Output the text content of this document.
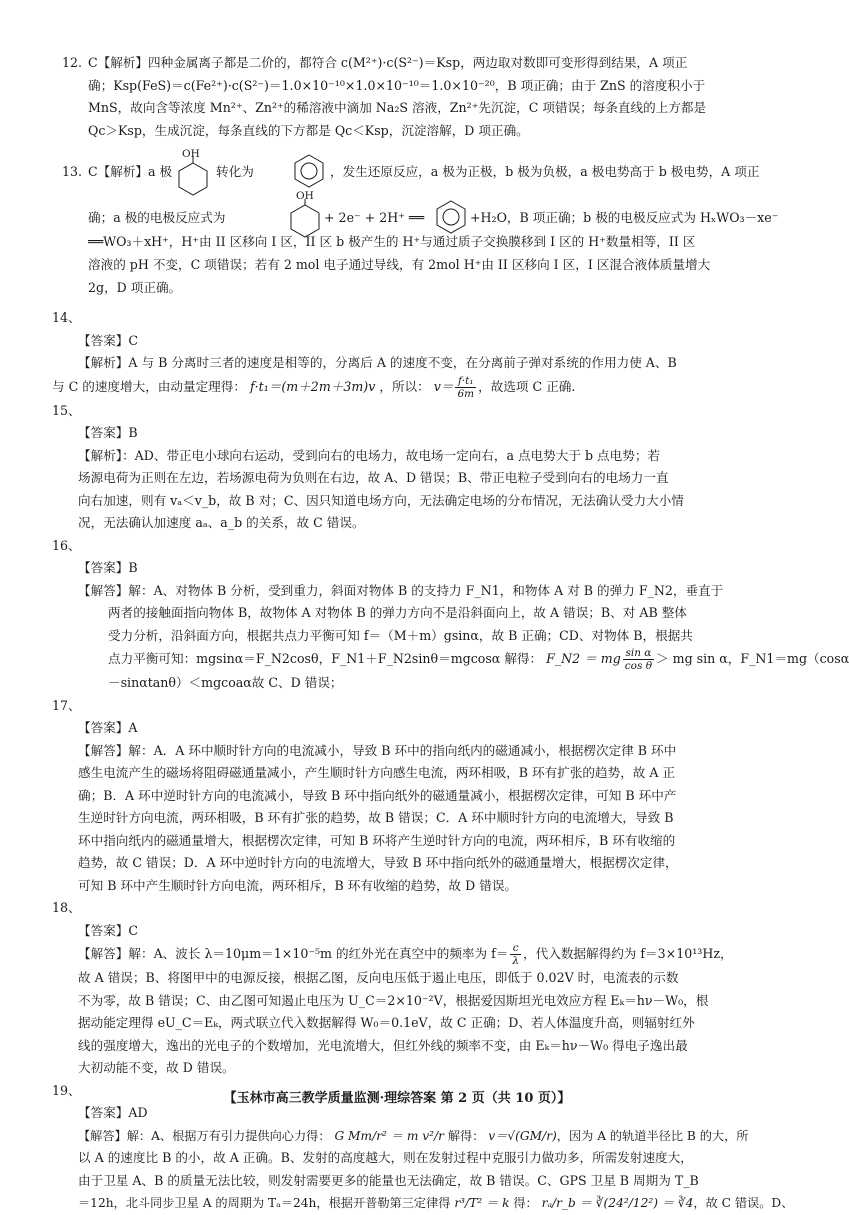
12. C【解析】四种金属离子都是二价的，都符合 c(M²⁺)·c(S²⁻)＝Ksp，两边取对数即可变形得到结果，A 项正
确；Ksp(FeS)＝c(Fe²⁺)·c(S²⁻)＝1.0×10⁻¹⁰×1.0×10⁻¹⁰＝1.0×10⁻²⁰，B 项正确；由于 ZnS 的溶度积小于
MnS，故向含等浓度 Mn²⁺、Zn²⁺的稀溶液中滴加 Na₂S 溶液，Zn²⁺先沉淀，C 项错误；每条直线的上方都是
Qc＞Ksp，生成沉淀，每条直线的下方都是 Qc＜Ksp，沉淀溶解，D 项正确。
OH
OH
13. C【解析】a 极	转化为	，发生还原反应，a 极为正极，b 极为负极，a 极电势高于 b 极电势，A 项正
确；a 极的电极反应式为	+ 2e⁻ + 2H⁺ ══	+H₂O，B 项正确；b 极的电极反应式为 HₓWO₃－xe⁻
══WO₃＋xH⁺，H⁺由 II 区移向 I 区，II 区 b 极产生的 H⁺与通过质子交换膜移到 I 区的 H⁺数量相等，II 区
溶液的 pH 不变，C 项错误；若有 2 mol 电子通过导线，有 2mol H⁺由 II 区移向 I 区，I 区混合液体质量增大
2g，D 项正确。
14、
【答案】C
【解析】A 与 B 分离时三者的速度是相等的，分离后 A 的速度不变，在分离前子弹对系统的作用力使 A、B
与 C 的速度增大，由动量定理得： f·t₁＝(m＋2m＋3m)v ，所以： $v= \frac{\text{f·t₁}}{6m}$ ，故选项 C 正确.
15、
【答案】B
【解析】：AD、带正电小球向右运动，受到向右的电场力，故电场一定向右，a 点电势大于 b 点电势；若
场源电荷为正则在左边，若场源电荷为负则在右边，故 A、D 错误；B、带正电粒子受到向右的电场力一直
向右加速，则有 vₐ＜v_b，故 B 对；C、因只知道电场方向，无法确定电场的分布情况，无法确认受力大小情
况，无法确认加速度 aₐ、a_b 的关系，故 C 错误。
16、
【答案】B
【解答】解：A、对物体 B 分析，受到重力，斜面对物体 B 的支持力 F_N1，和物体 A 对 B 的弹力 F_N2，垂直于
两者的接触面指向物体 B，故物体 A 对物体 B 的弹力方向不是沿斜面向上，故 A 错误；B、对 AB 整体
受力分析，沿斜面方向，根据共点力平衡可知 f＝（M＋m）gsinα，故 B 正确；CD、对物体 B，根据共
点力平衡可知：mgsinα＝F_N2cosθ，F_N1＋F_N2sinθ＝mgcosα 解得： F_N2 ＝ mg $\frac{\text{sin α}}{\text{cos θ}}$ ＞ mg sin α，F_N1＝mg（cosα
－sinαtanθ）＜mgcoaα故 C、D 错误；
17、
【答案】A
【解答】解：A．A 环中顺时针方向的电流减小，导致 B 环中的指向纸内的磁通减小，根据楞次定律 B 环中
感生电流产生的磁场将阻碍磁通量减小，产生顺时针方向感生电流，两环相吸，B 环有扩张的趋势，故 A 正
确；B．A 环中逆时针方向的电流减小，导致 B 环中指向纸外的磁通量减小，根据楞次定律，可知 B 环中产
生逆时针方向电流，两环相吸，B 环有扩张的趋势，故 B 错误；C．A 环中顺时针方向的电流增大，导致 B
环中指向纸内的磁通量增大，根据楞次定律，可知 B 环将产生逆时针方向的电流，两环相斥，B 环有收缩的
趋势，故 C 错误；D．A 环中逆时针方向的电流增大，导致 B 环中指向纸外的磁通量增大，根据楞次定律，
可知 B 环中产生顺时针方向电流，两环相斥，B 环有收缩的趋势，故 D 错误。
18、
【答案】C
【解答】解：A、波长 λ＝10μm＝1×10⁻⁵m 的红外光在真空中的频率为 $f= \frac{c}{\lambda}$ ，代入数据解得约为 f＝3×10¹³Hz，
故 A 错误；B、将图甲中的电源反接，根据乙图，反向电压低于遏止电压，即低于 0.02V 时，电流表的示数
不为零，故 B 错误；C、由乙图可知遏止电压为 U_C＝2×10⁻²V，根据爱因斯坦光电效应方程 Eₖ＝hν－W₀，根
据动能定理得 eU_C＝Eₖ，两式联立代入数据解得 W₀＝0.1eV，故 C 正确；D、若人体温度升高，则辐射红外
线的强度增大，逸出的光电子的个数增加，光电流增大，但红外线的频率不变，由 Eₖ＝hν－W₀ 得电子逸出最
大初动能不变，故 D 错误。
19、
【答案】AD
【解答】解：A、根据万有引力提供向心力得： G Mm/r² ＝ m v²/r 解得： v＝√(GM/r)，因为 A 的轨道半径比 B 的大，所
以 A 的速度比 B 的小，故 A 正确。B、发射的高度越大，则在发射过程中克服引力做功多，所需发射速度大，
由于卫星 A、B 的质量无法比较，则发射需要更多的能量也无法确定，故 B 错误。C、GPS 卫星 B 周期为 T_B
＝12h，北斗同步卫星 A 的周期为 Tₐ＝24h，根据开普勒第三定律得 r³/T² ＝ k 得： rₐ/r_b ＝ ∛(24²/12²) ＝ ∛4，故 C 错误。D、
【玉林市高三教学质量监测·理综答案 第 2 页（共 10 页）】
